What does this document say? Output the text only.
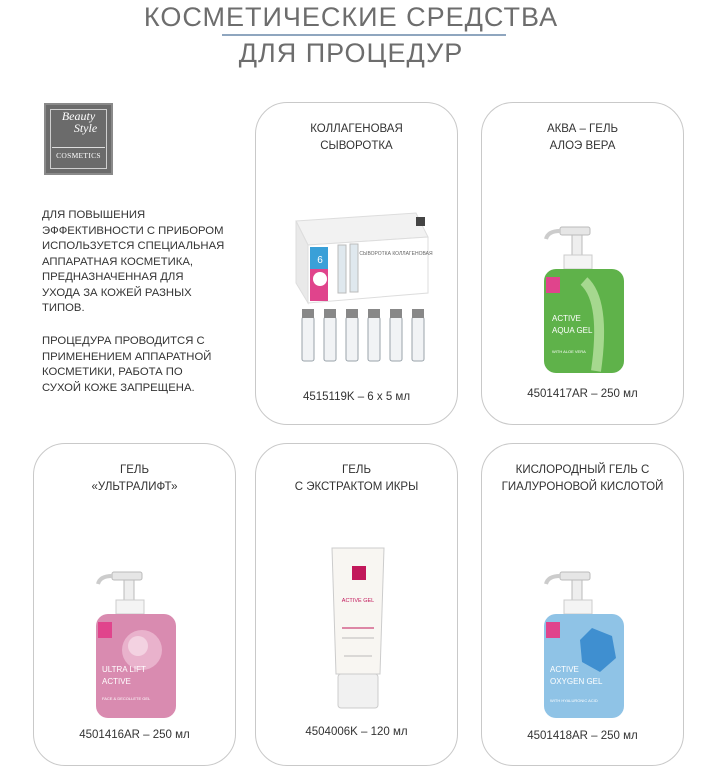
КОСМЕТИЧЕСКИЕ СРЕДСТВА
ДЛЯ ПРОЦЕДУР
Beauty
Style
COSMETICS
ДЛЯ ПОВЫШЕНИЯ
ЭФФЕКТИВНОСТИ С ПРИБОРОМ
ИСПОЛЬЗУЕТСЯ СПЕЦИАЛЬНАЯ
АППАРАТНАЯ КОСМЕТИКА,
ПРЕДНАЗНАЧЕННАЯ ДЛЯ
УХОДА ЗА КОЖЕЙ РАЗНЫХ
ТИПОВ.
ПРОЦЕДУРА ПРОВОДИТСЯ С
ПРИМЕНЕНИЕМ АППАРАТНОЙ
КОСМЕТИКИ, РАБОТА ПО
СУХОЙ КОЖЕ ЗАПРЕЩЕНА.
КОЛЛАГЕНОВАЯ
СЫВОРОТКА
6
СЫВОРОТКА КОЛЛАГЕНОВАЯ
4515119K – 6 x 5 мл
АКВА – ГЕЛЬ
АЛОЭ ВЕРА
ACTIVE
AQUA GEL
WITH ALOE VERA
4501417AR – 250 мл
ГЕЛЬ
«УЛЬТРАЛИФТ»
ULTRA LIFT
ACTIVE
FACE & DECOLLETE GEL
4501416AR – 250 мл
ГЕЛЬ
С ЭКСТРАКТОМ ИКРЫ
ACTIVE GEL
4504006K – 120 мл
КИСЛОРОДНЫЙ ГЕЛЬ С
ГИАЛУРОНОВОЙ КИСЛОТОЙ
ACTIVE
OXYGEN GEL
WITH HYALURONIC ACID
4501418AR – 250 мл
